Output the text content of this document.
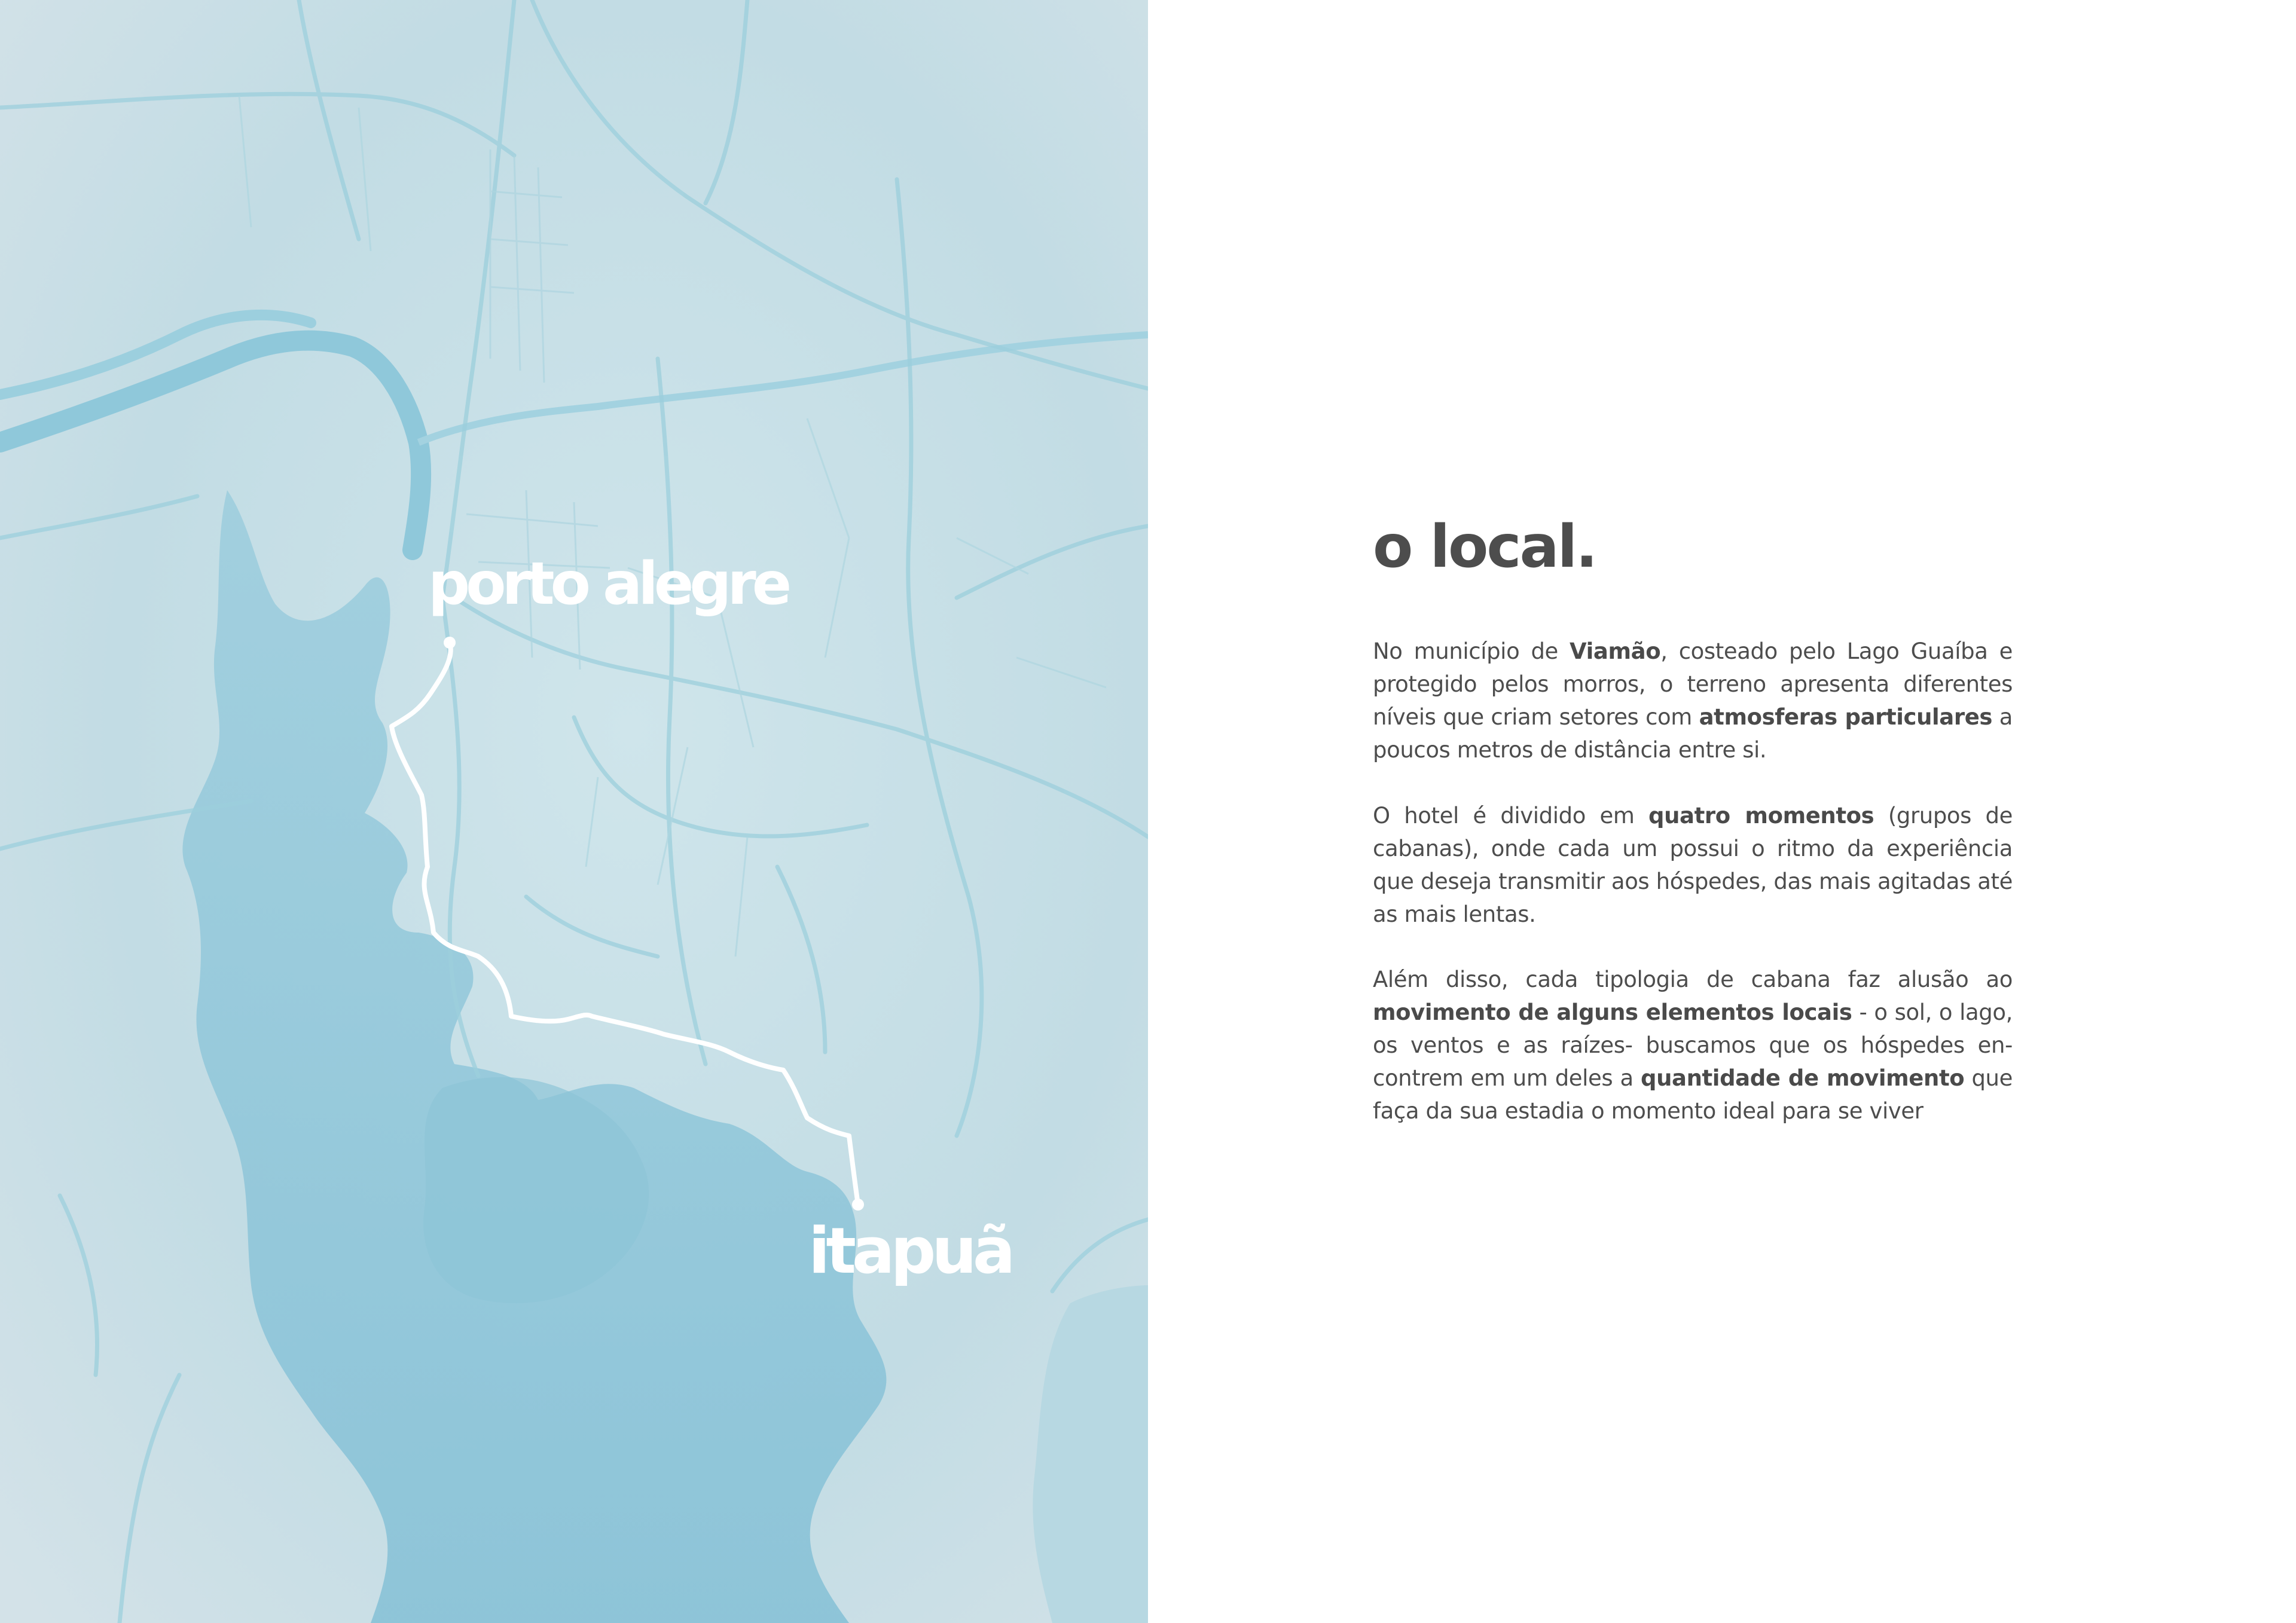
porto alegre
itapuã
o local.

No município de Viamão, costeado pelo Lago Guaíba e protegido pelos morros, o terreno apresenta diferentes níveis que criam setores com atmosferas particulares a poucos metros de distância entre si.

O hotel é dividido em quatro momentos (grupos de cabanas), onde cada um possui o ritmo da experiência que deseja transmitir aos hóspedes, das mais agitadas até as mais lentas.

Além disso, cada tipologia de cabana faz alusão ao movimento de alguns elementos locais - o sol, o lago, os ventos e as raízes- buscamos que os hóspedes en-contrem em um deles a quantidade de movimento que faça da sua estadia o momento ideal para se viver
